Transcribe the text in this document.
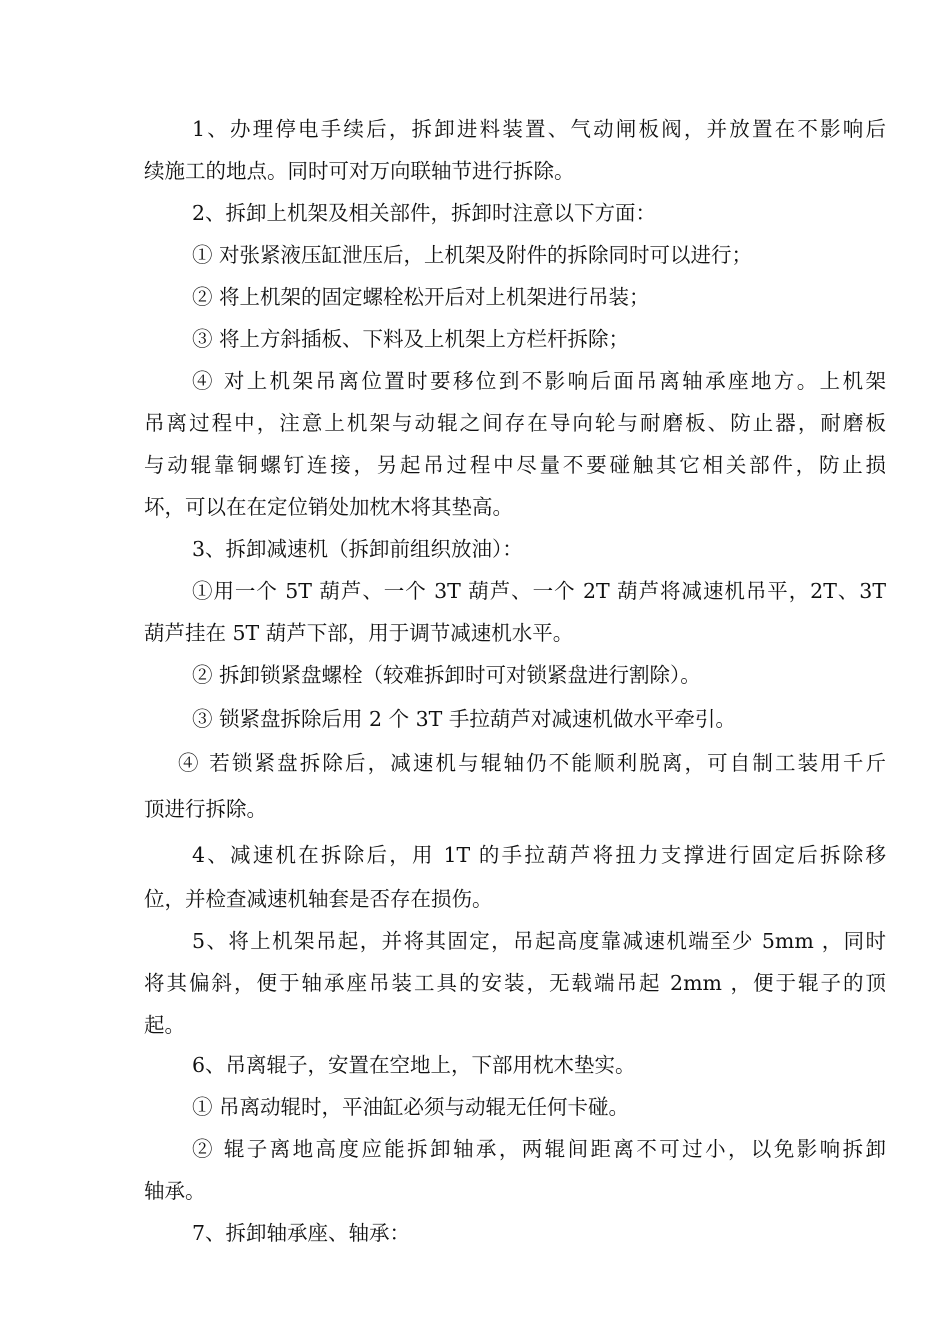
1、办理停电手续后，拆卸进料装置、气动闸板阀，并放置在不影响后
续施工的地点。同时可对万向联轴节进行拆除。
2、拆卸上机架及相关部件，拆卸时注意以下方面：
① 对张紧液压缸泄压后，上机架及附件的拆除同时可以进行；
② 将上机架的固定螺栓松开后对上机架进行吊装；
③ 将上方斜插板、下料及上机架上方栏杆拆除；
④ 对上机架吊离位置时要移位到不影响后面吊离轴承座地方。上机架
吊离过程中，注意上机架与动辊之间存在导向轮与耐磨板、防止器，耐磨板
与动辊靠铜螺钉连接，另起吊过程中尽量不要碰触其它相关部件，防止损
坏，可以在在定位销处加枕木将其垫高。
3、拆卸减速机（拆卸前组织放油）：
①用一个 5T 葫芦、一个 3T 葫芦、一个 2T 葫芦将减速机吊平，2T、3T
葫芦挂在 5T 葫芦下部，用于调节减速机水平。
② 拆卸锁紧盘螺栓（较难拆卸时可对锁紧盘进行割除）。
③ 锁紧盘拆除后用 2 个 3T 手拉葫芦对减速机做水平牵引。
④ 若锁紧盘拆除后，减速机与辊轴仍不能顺利脱离，可自制工装用千斤
顶进行拆除。
4、减速机在拆除后，用 1T 的手拉葫芦将扭力支撑进行固定后拆除移
位，并检查减速机轴套是否存在损伤。
5、将上机架吊起，并将其固定，吊起高度靠减速机端至少 5mm ，同时
将其偏斜，便于轴承座吊装工具的安装，无载端吊起 2mm ，便于辊子的顶
起。
6、吊离辊子，安置在空地上，下部用枕木垫实。
① 吊离动辊时，平油缸必须与动辊无任何卡碰。
② 辊子离地高度应能拆卸轴承，两辊间距离不可过小，以免影响拆卸
轴承。
7、拆卸轴承座、轴承：
